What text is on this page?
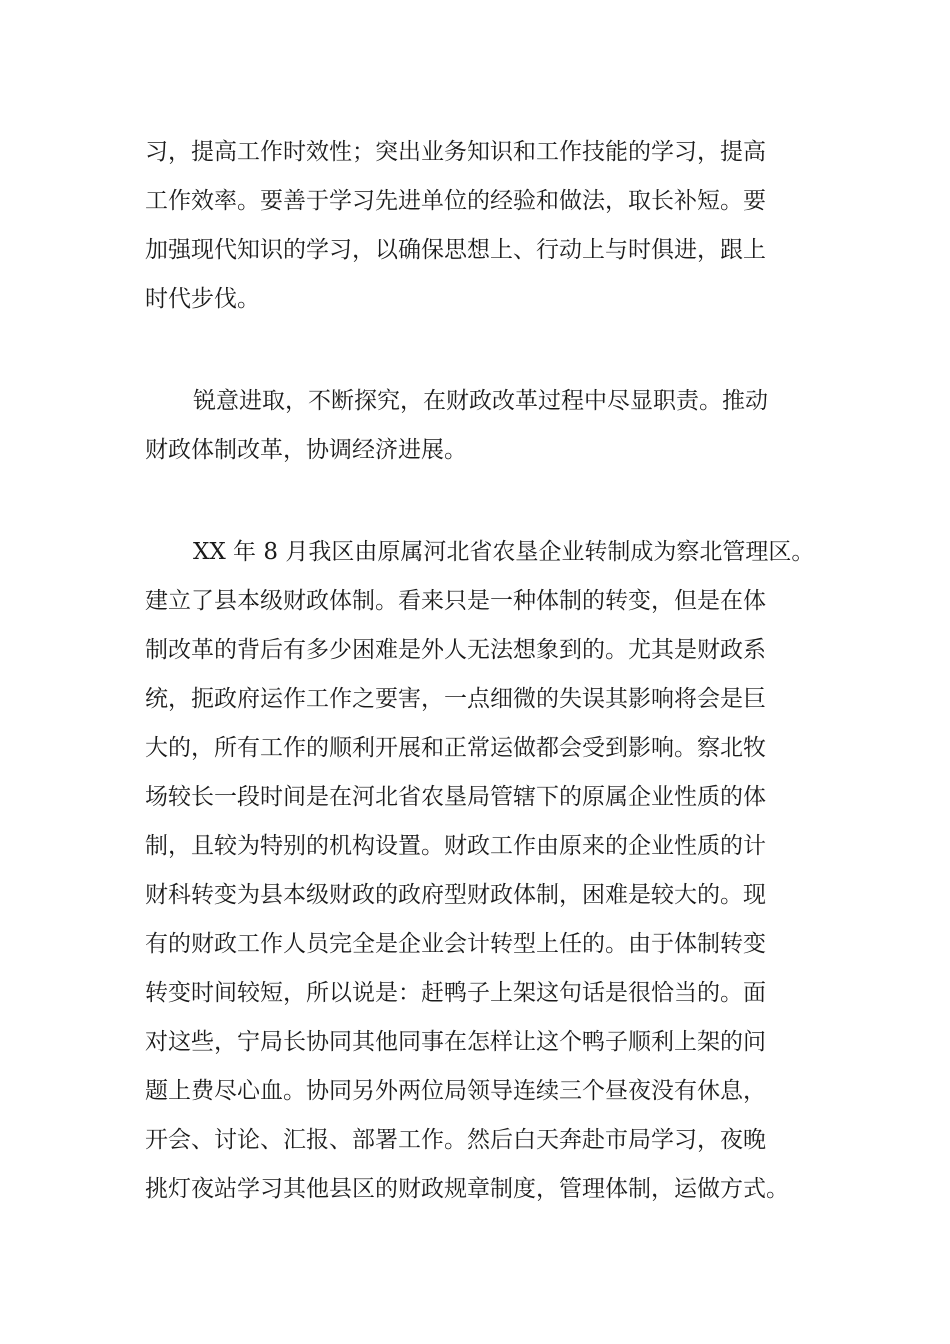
习，提高工作时效性；突出业务知识和工作技能的学习，提高
工作效率。要善于学习先进单位的经验和做法，取长补短。要
加强现代知识的学习，以确保思想上、行动上与时俱进，跟上
时代步伐。
锐意进取，不断探究，在财政改革过程中尽显职责。推动
财政体制改革，协调经济进展。
XX 年 8 月我区由原属河北省农垦企业转制成为察北管理区。
建立了县本级财政体制。看来只是一种体制的转变，但是在体
制改革的背后有多少困难是外人无法想象到的。尤其是财政系
统，扼政府运作工作之要害，一点细微的失误其影响将会是巨
大的，所有工作的顺利开展和正常运做都会受到影响。察北牧
场较长一段时间是在河北省农垦局管辖下的原属企业性质的体
制，且较为特别的机构设置。财政工作由原来的企业性质的计
财科转变为县本级财政的政府型财政体制，困难是较大的。现
有的财政工作人员完全是企业会计转型上任的。由于体制转变
转变时间较短，所以说是：赶鸭子上架这句话是很恰当的。面
对这些，宁局长协同其他同事在怎样让这个鸭子顺利上架的问
题上费尽心血。协同另外两位局领导连续三个昼夜没有休息，
开会、讨论、汇报、部署工作。然后白天奔赴市局学习，夜晚
挑灯夜站学习其他县区的财政规章制度，管理体制，运做方式。
